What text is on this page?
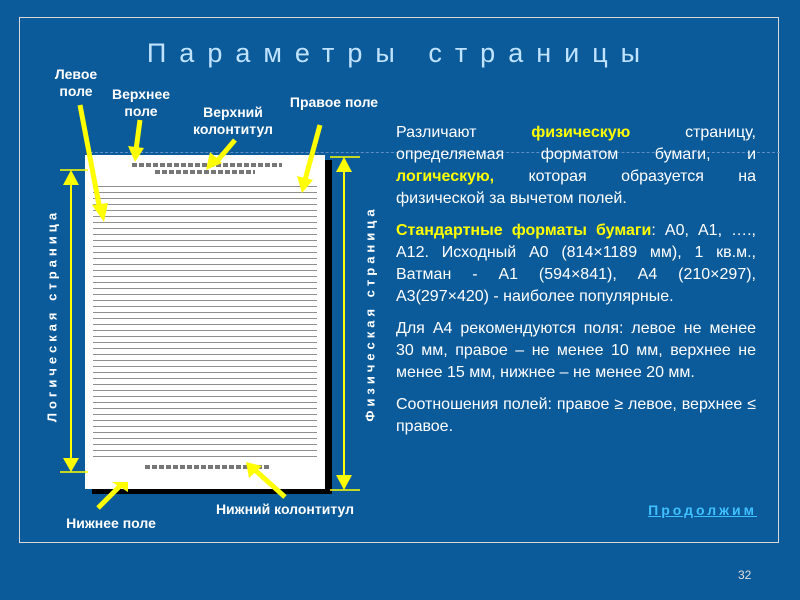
Параметры страницы
Левое поле	Верхнее поле	Верхний колонтитул
Правое поле
Нижнее поле
Нижний колонтитул
Логическая страница	Физическая страница

Различают физическую страницу, определяемая форматом бумаги, и логическую, которая образуется на физической за вычетом полей.

Стандартные форматы бумаги: А0, А1, …., А12. Исходный А0 (814×1189 мм), 1 кв.м., Ватман - А1 (594×841), А4 (210×297), А3(297×420) - наиболее популярные.

Для А4 рекомендуются поля: левое не менее 30 мм, правое – не менее 10 мм, верхнее не менее 15 мм, нижнее – не менее 20 мм.

Соотношения полей: правое ≥ левое, верхнее ≤ правое.

Продолжим
32
